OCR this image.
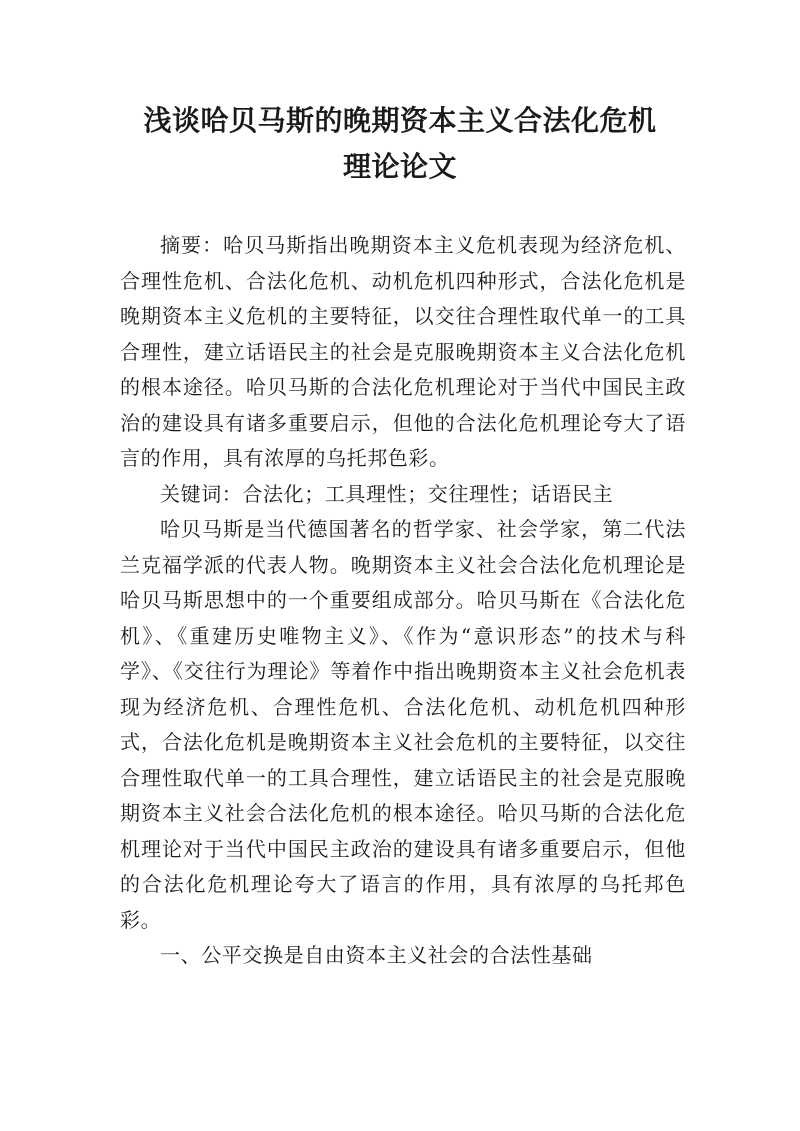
浅谈哈贝马斯的晚期资本主义合法化危机
理论论文

摘要：哈贝马斯指出晚期资本主义危机表现为经济危机、合理性危机、合法化危机、动机危机四种形式，合法化危机是晚期资本主义危机的主要特征，以交往合理性取代单一的工具合理性，建立话语民主的社会是克服晚期资本主义合法化危机的根本途径。哈贝马斯的合法化危机理论对于当代中国民主政治的建设具有诸多重要启示，但他的合法化危机理论夸大了语言的作用，具有浓厚的乌托邦色彩。

关键词：合法化；工具理性；交往理性；话语民主

哈贝马斯是当代德国著名的哲学家、社会学家，第二代法兰克福学派的代表人物。晚期资本主义社会合法化危机理论是哈贝马斯思想中的一个重要组成部分。哈贝马斯在《合法化危机》、《重建历史唯物主义》、《作为“意识形态”的技术与科学》、《交往行为理论》等着作中指出晚期资本主义社会危机表现为经济危机、合理性危机、合法化危机、动机危机四种形式，合法化危机是晚期资本主义社会危机的主要特征，以交往合理性取代单一的工具合理性，建立话语民主的社会是克服晚期资本主义社会合法化危机的根本途径。哈贝马斯的合法化危机理论对于当代中国民主政治的建设具有诸多重要启示，但他的合法化危机理论夸大了语言的作用，具有浓厚的乌托邦色彩。

一、公平交换是自由资本主义社会的合法性基础
